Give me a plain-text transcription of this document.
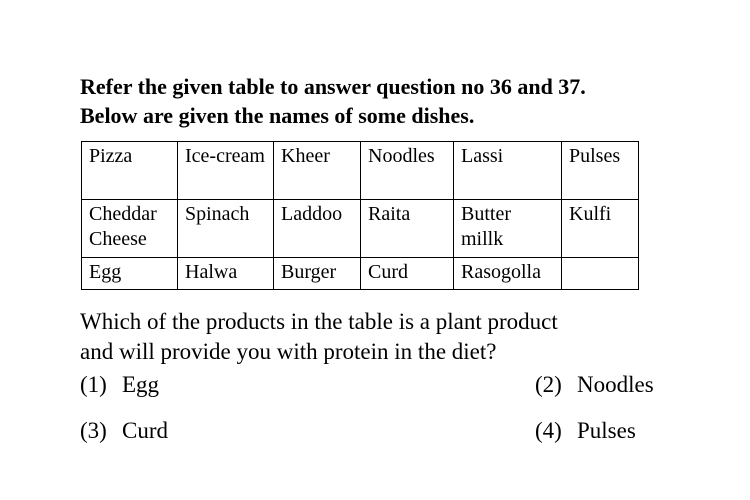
Refer the given table to answer question no 36 and 37.
Below are given the names of some dishes.
Pizza	Ice-cream	Kheer	Noodles	Lassi	Pulses
Cheddar Cheese	Spinach	Laddoo	Raita	Butter millk	Kulfi
Egg	Halwa	Burger	Curd	Rasogolla	
Which of the products in the table is a plant product
and will provide you with protein in the diet?
(1) Egg	(2) Noodles
(3) Curd	(4) Pulses
